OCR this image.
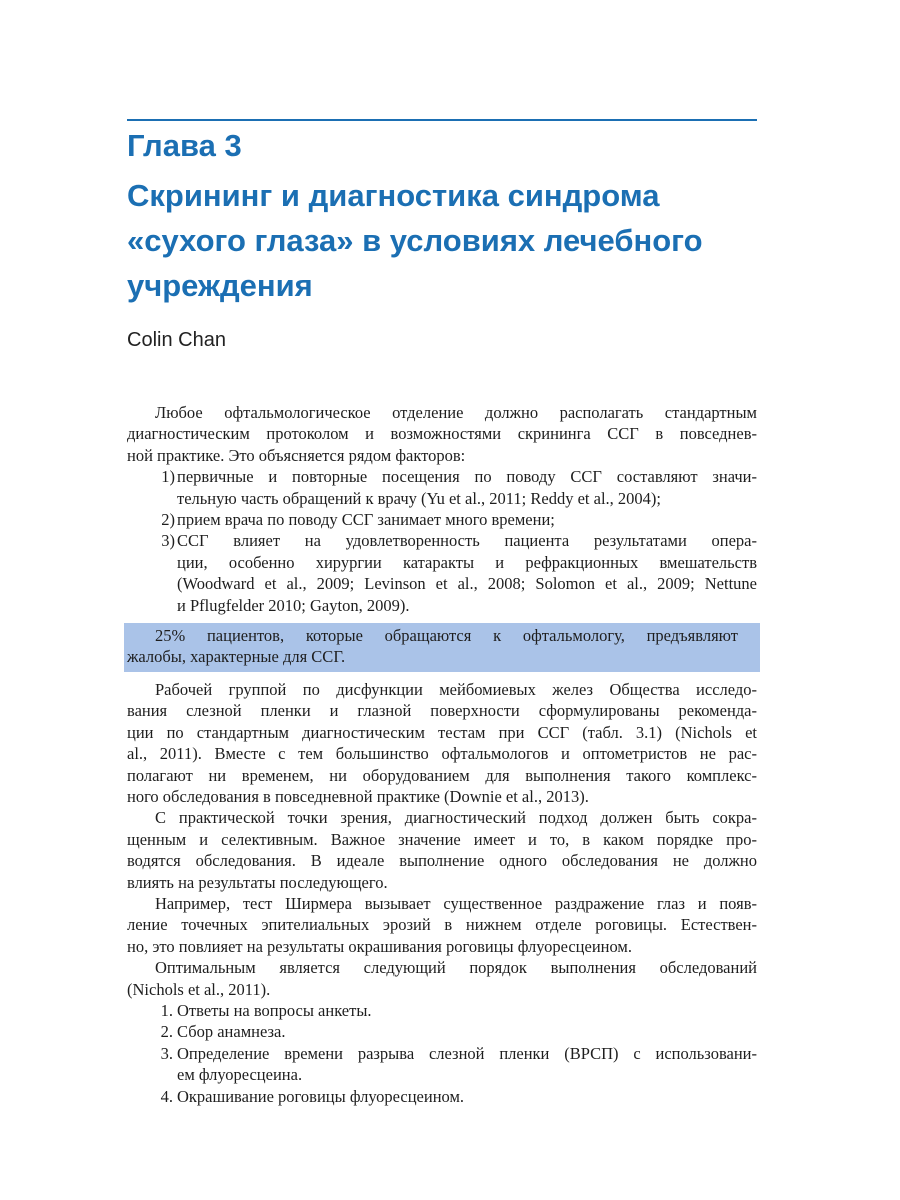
Глава 3
Скрининг и диагностика синдрома
«сухого глаза» в условиях лечебного
учреждения
Colin Chan
Любое офтальмологическое отделение должно располагать стандартным
диагностическим протоколом и возможностями скрининга ССГ в повседнев-
ной практике. Это объясняется рядом факторов:
1) первичные и повторные посещения по поводу ССГ составляют значи-
тельную часть обращений к врачу (Yu et al., 2011; Reddy et al., 2004);
2) прием врача по поводу ССГ занимает много времени;
3) ССГ влияет на удовлетворенность пациента результатами опера-
ции, особенно хирургии катаракты и рефракционных вмешательств
(Woodward et al., 2009; Levinson et al., 2008; Solomon et al., 2009; Nettune
и Pflugfelder 2010; Gayton, 2009).
25% пациентов, которые обращаются к офтальмологу, предъявляют
жалобы, характерные для ССГ.
Рабочей группой по дисфункции мейбомиевых желез Общества исследо-
вания слезной пленки и глазной поверхности сформулированы рекоменда-
ции по стандартным диагностическим тестам при ССГ (табл. 3.1) (Nichols et
al., 2011). Вместе с тем большинство офтальмологов и оптометристов не рас-
полагают ни временем, ни оборудованием для выполнения такого комплекс-
ного обследования в повседневной практике (Downie et al., 2013).
С практической точки зрения, диагностический подход должен быть сокра-
щенным и селективным. Важное значение имеет и то, в каком порядке про-
водятся обследования. В идеале выполнение одного обследования не должно
влиять на результаты последующего.
Например, тест Ширмера вызывает существенное раздражение глаз и появ-
ление точечных эпителиальных эрозий в нижнем отделе роговицы. Естествен-
но, это повлияет на результаты окрашивания роговицы флуоресцеином.
Оптимальным является следующий порядок выполнения обследований
(Nichols et al., 2011).
1. Ответы на вопросы анкеты.
2. Сбор анамнеза.
3. Определение времени разрыва слезной пленки (ВРСП) с использовани-
ем флуоресцеина.
4. Окрашивание роговицы флуоресцеином.
